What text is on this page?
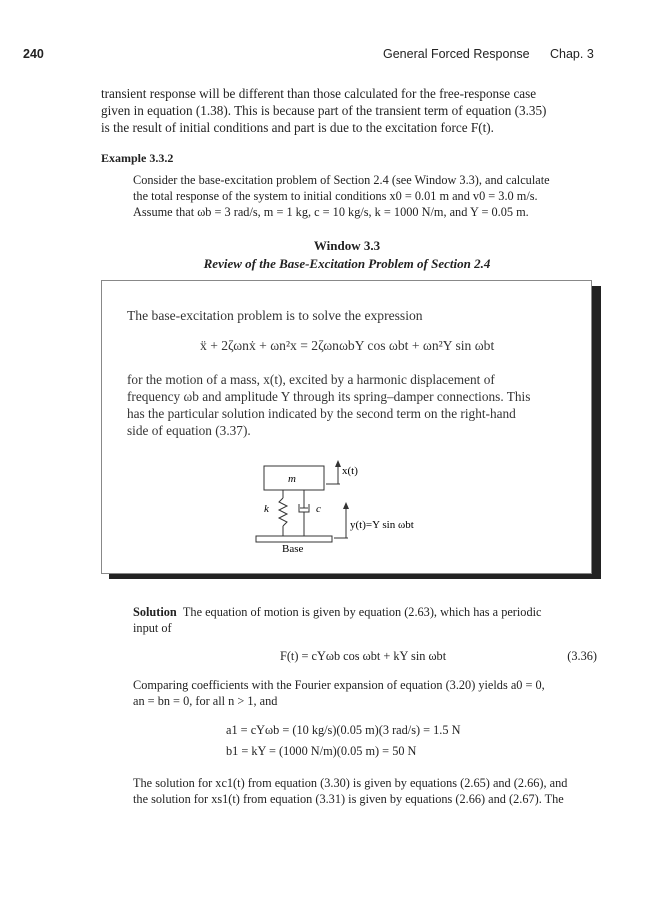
240	General Forced Response Chap. 3
transient response will be different than those calculated for the free-response case
given in equation (1.38). This is because part of the transient term of equation (3.35)
is the result of initial conditions and part is due to the excitation force F(t).
Example 3.3.2
Consider the base-excitation problem of Section 2.4 (see Window 3.3), and calculate
the total response of the system to initial conditions x0 = 0.01 m and v0 = 3.0 m/s.
Assume that ωb = 3 rad/s, m = 1 kg, c = 10 kg/s, k = 1000 N/m, and Y = 0.05 m.
Window 3.3
Review of the Base-Excitation Problem of Section 2.4
The base-excitation problem is to solve the expression
ẍ + 2ζωnẋ + ωn²x = 2ζωnωbY cos ωbt + ωn²Y sin ωbt
for the motion of a mass, x(t), excited by a harmonic displacement of
frequency ωb and amplitude Y through its spring–damper connections. This
has the particular solution indicated by the second term on the right-hand
side of equation (3.37).
m
k	c
Base
x(t)
y(t)=Y sin ωbt
Solution The equation of motion is given by equation (2.63), which has a periodic
input of
F(t) = cYωb cos ωbt + kY sin ωbt	(3.36)
Comparing coefficients with the Fourier expansion of equation (3.20) yields a0 = 0,
an = bn = 0, for all n > 1, and
a1 = cYωb = (10 kg/s)(0.05 m)(3 rad/s) = 1.5 N
b1 = kY = (1000 N/m)(0.05 m) = 50 N
The solution for xc1(t) from equation (3.30) is given by equations (2.65) and (2.66), and
the solution for xs1(t) from equation (3.31) is given by equations (2.66) and (2.67). The
